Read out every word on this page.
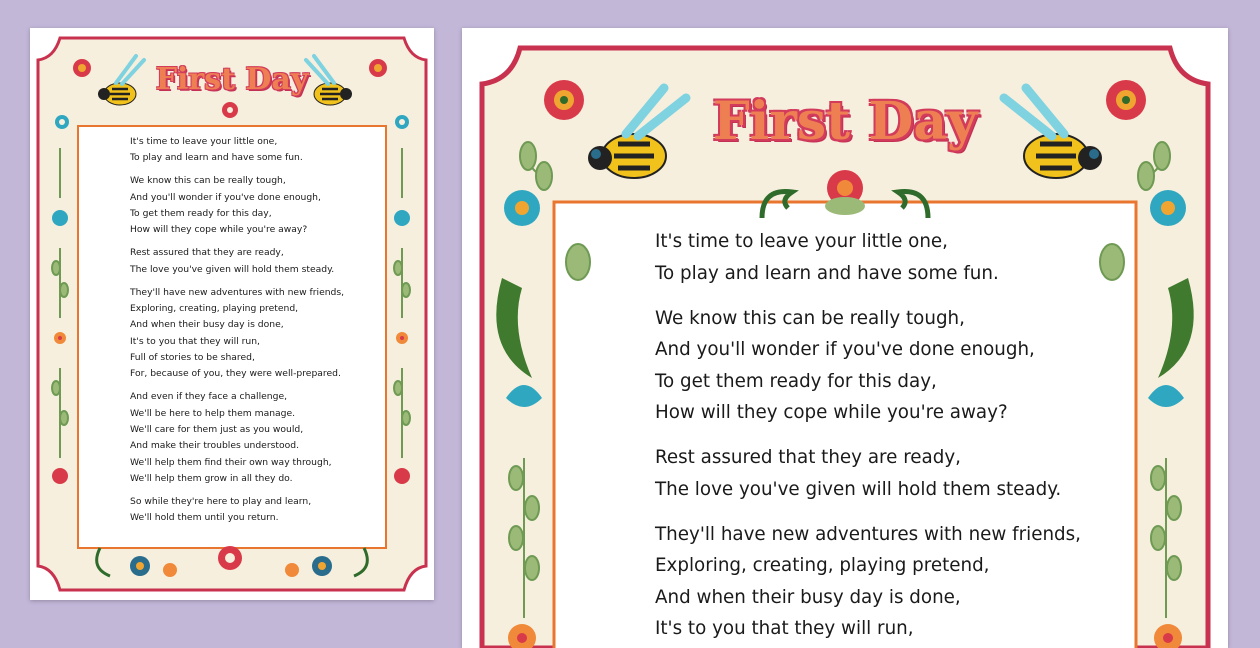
First Day

It's time to leave your little one,
To play and learn and have some fun.

We know this can be really tough,
And you'll wonder if you've done enough,
To get them ready for this day,
How will they cope while you're away?

Rest assured that they are ready,
The love you've given will hold them steady.

They'll have new adventures with new friends,
Exploring, creating, playing pretend,
And when their busy day is done,
It's to you that they will run,
Full of stories to be shared,
For, because of you, they were well-prepared.

And even if they face a challenge,
We'll be here to help them manage.
We'll care for them just as you would,
And make their troubles understood.
We'll help them find their own way through,
We'll help them grow in all they do.

So while they're here to play and learn,
We'll hold them until you return.

First Day

It's time to leave your little one,
To play and learn and have some fun.

We know this can be really tough,
And you'll wonder if you've done enough,
To get them ready for this day,
How will they cope while you're away?

Rest assured that they are ready,
The love you've given will hold them steady.

They'll have new adventures with new friends,
Exploring, creating, playing pretend,
And when their busy day is done,
It's to you that they will run,
